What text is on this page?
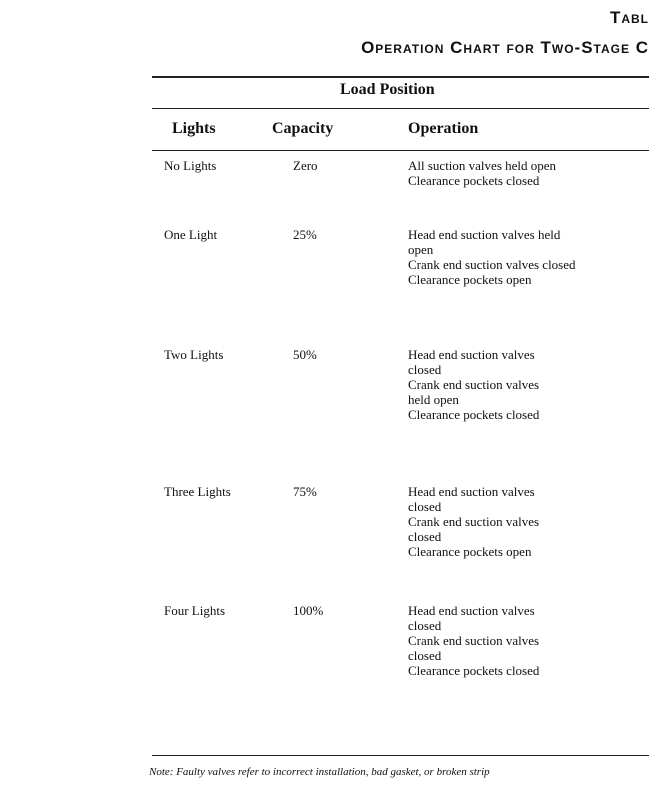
Tabl
Operation Chart for Two-Stage C
Load Position
Lights	Capacity	Operation
No Lights	Zero	All suction valves held open
Clearance pockets closed
One Light	25%	Head end suction valves held
open
Crank end suction valves closed
Clearance pockets open
Two Lights	50%	Head end suction valves
closed
Crank end suction valves
held open
Clearance pockets closed
Three Lights	75%	Head end suction valves
closed
Crank end suction valves
closed
Clearance pockets open
Four Lights	100%	Head end suction valves
closed
Crank end suction valves
closed
Clearance pockets closed
Note: Faulty valves refer to incorrect installation, bad gasket, or broken strip
